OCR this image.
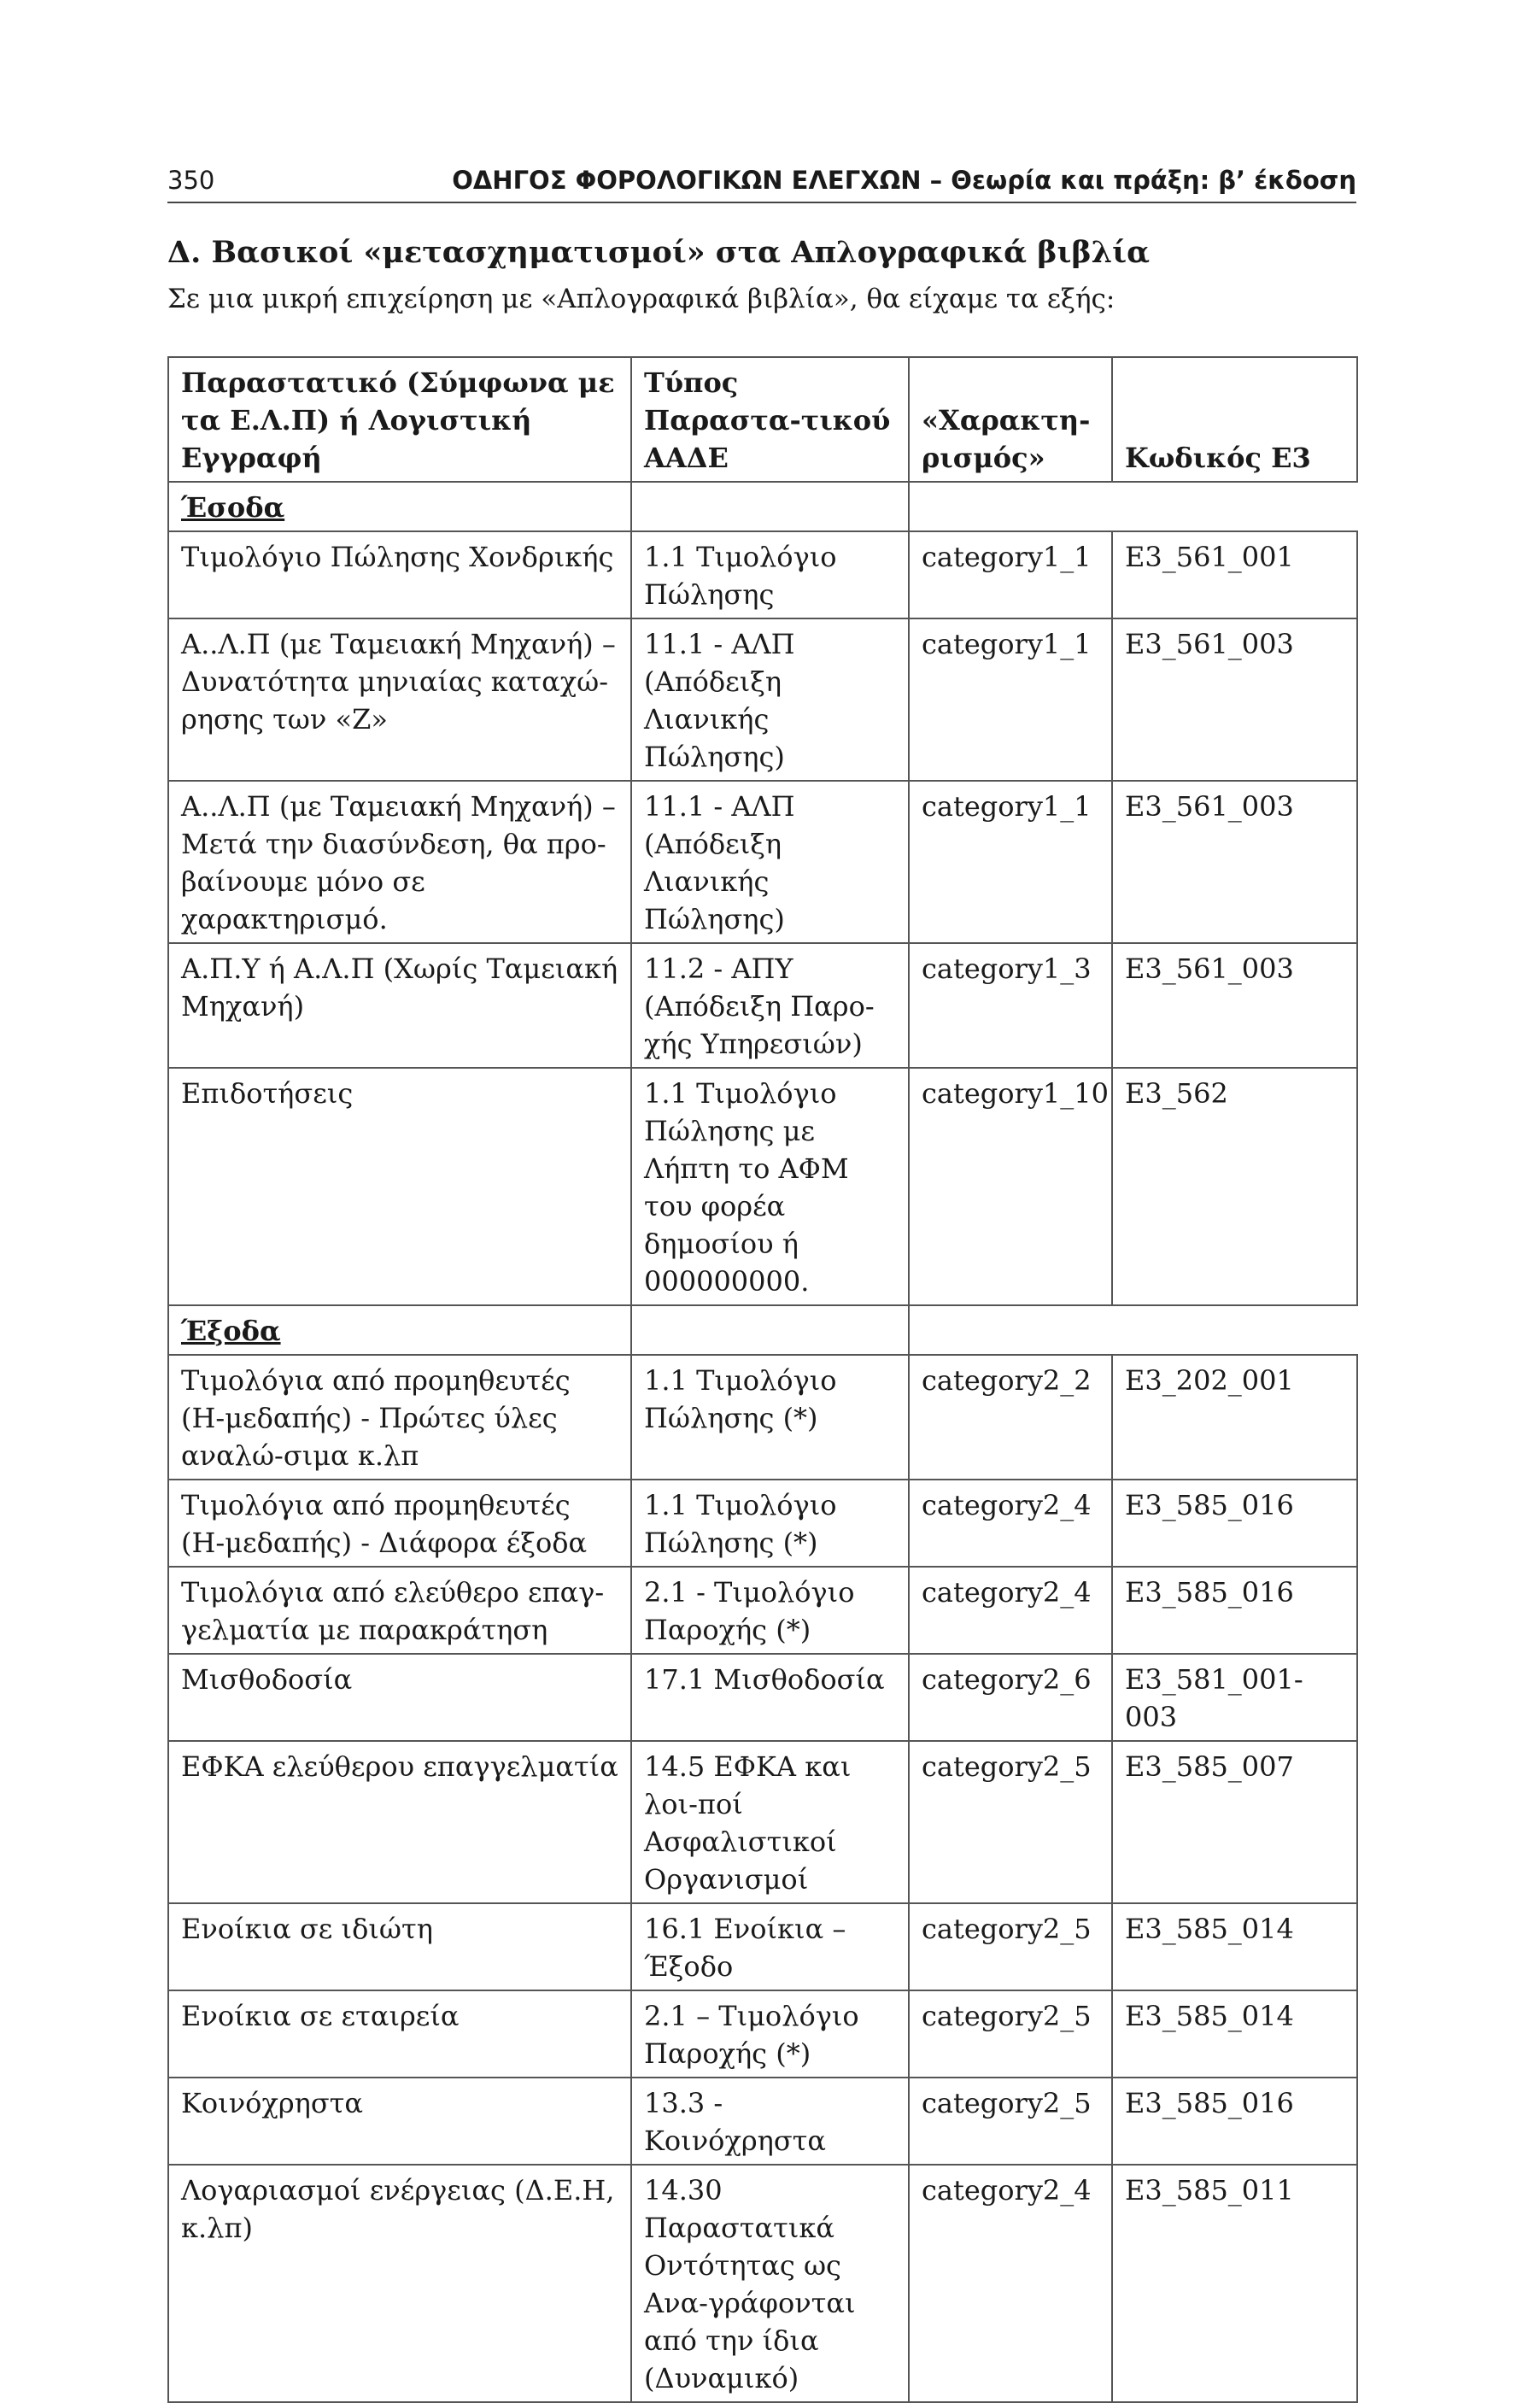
350	ΟΔΗΓΟΣ ΦΟΡΟΛΟΓΙΚΩΝ ΕΛΕΓΧΩΝ – Θεωρία και πράξη: β’ έκδοση
Δ. Βασικοί «μετασχηματισμοί» στα Απλογραφικά βιβλία
Σε μια μικρή επιχείρηση με «Απλογραφικά βιβλία», θα είχαμε τα εξής:
Παραστατικό (Σύμφωνα με τα Ε.Λ.Π) ή Λογιστική Εγγραφή	Τύπος Παραστα-τικού ΑΑΔΕ	«Χαρακτη-ρισμός»	Κωδικός Ε3
Έσοδα			
Τιμολόγιο Πώλησης Χονδρικής	1.1 Τιμολόγιο Πώλησης	category1_1	Ε3_561_001
Α..Λ.Π (με Ταμειακή Μηχανή) – Δυνατότητα μηνιαίας καταχώ-ρησης των «Ζ»	11.1 - ΑΛΠ (Απόδειξη Λιανικής Πώλησης)	category1_1	Ε3_561_003
Α..Λ.Π (με Ταμειακή Μηχανή) – Μετά την διασύνδεση, θα προ-βαίνουμε μόνο σε χαρακτηρισμό.	11.1 - ΑΛΠ (Απόδειξη Λιανικής Πώλησης)	category1_1	Ε3_561_003
Α.Π.Υ ή Α.Λ.Π (Χωρίς Ταμειακή Μηχανή)	11.2 - ΑΠΥ (Απόδειξη Παρο-χής Υπηρεσιών)	category1_3	Ε3_561_003
Επιδοτήσεις	1.1 Τιμολόγιο Πώλησης με Λήπτη το ΑΦΜ του φορέα δημοσίου ή 000000000.	category1_10	Ε3_562
Έξοδα			
Τιμολόγια από προμηθευτές (Η-μεδαπής) - Πρώτες ύλες αναλώ-σιμα κ.λπ	1.1 Τιμολόγιο Πώλησης (*)	category2_2	Ε3_202_001
Τιμολόγια από προμηθευτές (Η-μεδαπής) - Διάφορα έξοδα	1.1 Τιμολόγιο Πώλησης (*)	category2_4	Ε3_585_016
Τιμολόγια από ελεύθερο επαγ-γελματία με παρακράτηση	2.1 - Τιμολόγιο Παροχής (*)	category2_4	Ε3_585_016
Μισθοδοσία	17.1 Μισθοδοσία	category2_6	Ε3_581_001-003
ΕΦΚΑ ελεύθερου επαγγελματία	14.5 ΕΦΚΑ και λοι-ποί Ασφαλιστικοί Οργανισμοί	category2_5	Ε3_585_007
Ενοίκια σε ιδιώτη	16.1 Ενοίκια – Έξοδο	category2_5	Ε3_585_014
Ενοίκια σε εταιρεία	2.1 – Τιμολόγιο Παροχής (*)	category2_5	Ε3_585_014
Κοινόχρηστα	13.3 - Κοινόχρηστα	category2_5	Ε3_585_016
Λογαριασμοί ενέργειας (Δ.Ε.Η, κ.λπ)	14.30 Παραστατικά Οντότητας ως Ανα-γράφονται από την ίδια (Δυναμικό)	category2_4	Ε3_585_011
